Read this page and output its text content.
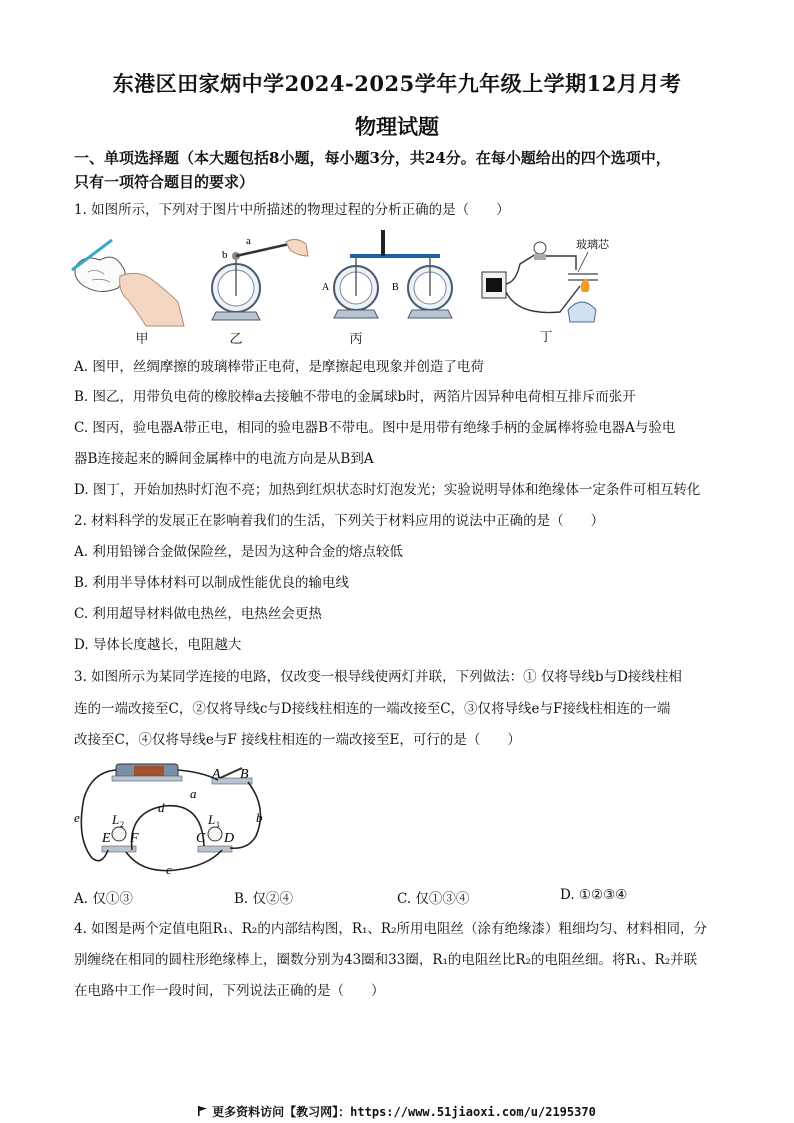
东港区田家炳中学2024-2025学年九年级上学期12月月考
物理试题
一、单项选择题（本大题包括8小题，每小题3分，共24分。在每小题给出的四个选项中，
只有一项符合题目的要求）
1. 如图所示，下列对于图片中所描述的物理过程的分析正确的是（　　）
a
b
A	B
玻璃芯
甲	乙	丙	丁
A. 图甲，丝绸摩擦的玻璃棒带正电荷，是摩擦起电现象并创造了电荷
B. 图乙，用带负电荷的橡胶棒a去接触不带电的金属球b时，两箔片因异种电荷相互排斥而张开
C. 图丙，验电器A带正电，相同的验电器B不带电。图中是用带有绝缘手柄的金属棒将验电器A与验电
器B连接起来的瞬间金属棒中的电流方向是从B到A
D. 图丁，开始加热时灯泡不亮；加热到红炽状态时灯泡发光；实验说明导体和绝缘体一定条件可相互转化
2. 材料科学的发展正在影响着我们的生活，下列关于材料应用的说法中正确的是（　　）
A. 利用铅锑合金做保险丝，是因为这种合金的熔点较低
B. 利用半导体材料可以制成性能优良的输电线
C. 利用超导材料做电热丝，电热丝会更热
D. 导体长度越长，电阻越大
3. 如图所示为某同学连接的电路，仅改变一根导线使两灯并联，下列做法：① 仅将导线b与D接线柱相
连的一端改接至C，②仅将导线c与D接线柱相连的一端改接至C，③仅将导线e与F接线柱相连的一端
改接至C，④仅将导线e与F 接线柱相连的一端改接至E，可行的是（　　）
A B
a
b
c
d
e L 2	L 1
E F	C D
A. 仅①③	B. 仅②④	C. 仅①③④	D. ①②③④
4. 如图是两个定值电阻R₁、R₂的内部结构图，R₁、R₂所用电阻丝（涂有绝缘漆）粗细均匀、材料相同，分
别缠绕在相同的圆柱形绝缘棒上，圈数分别为43圈和33圈，R₁的电阻丝比R₂的电阻丝细。将R₁、R₂并联
在电路中工作一段时间，下列说法正确的是（　　）
更多资料访问【教习网】：https://www.51jiaoxi.com/u/2195370
